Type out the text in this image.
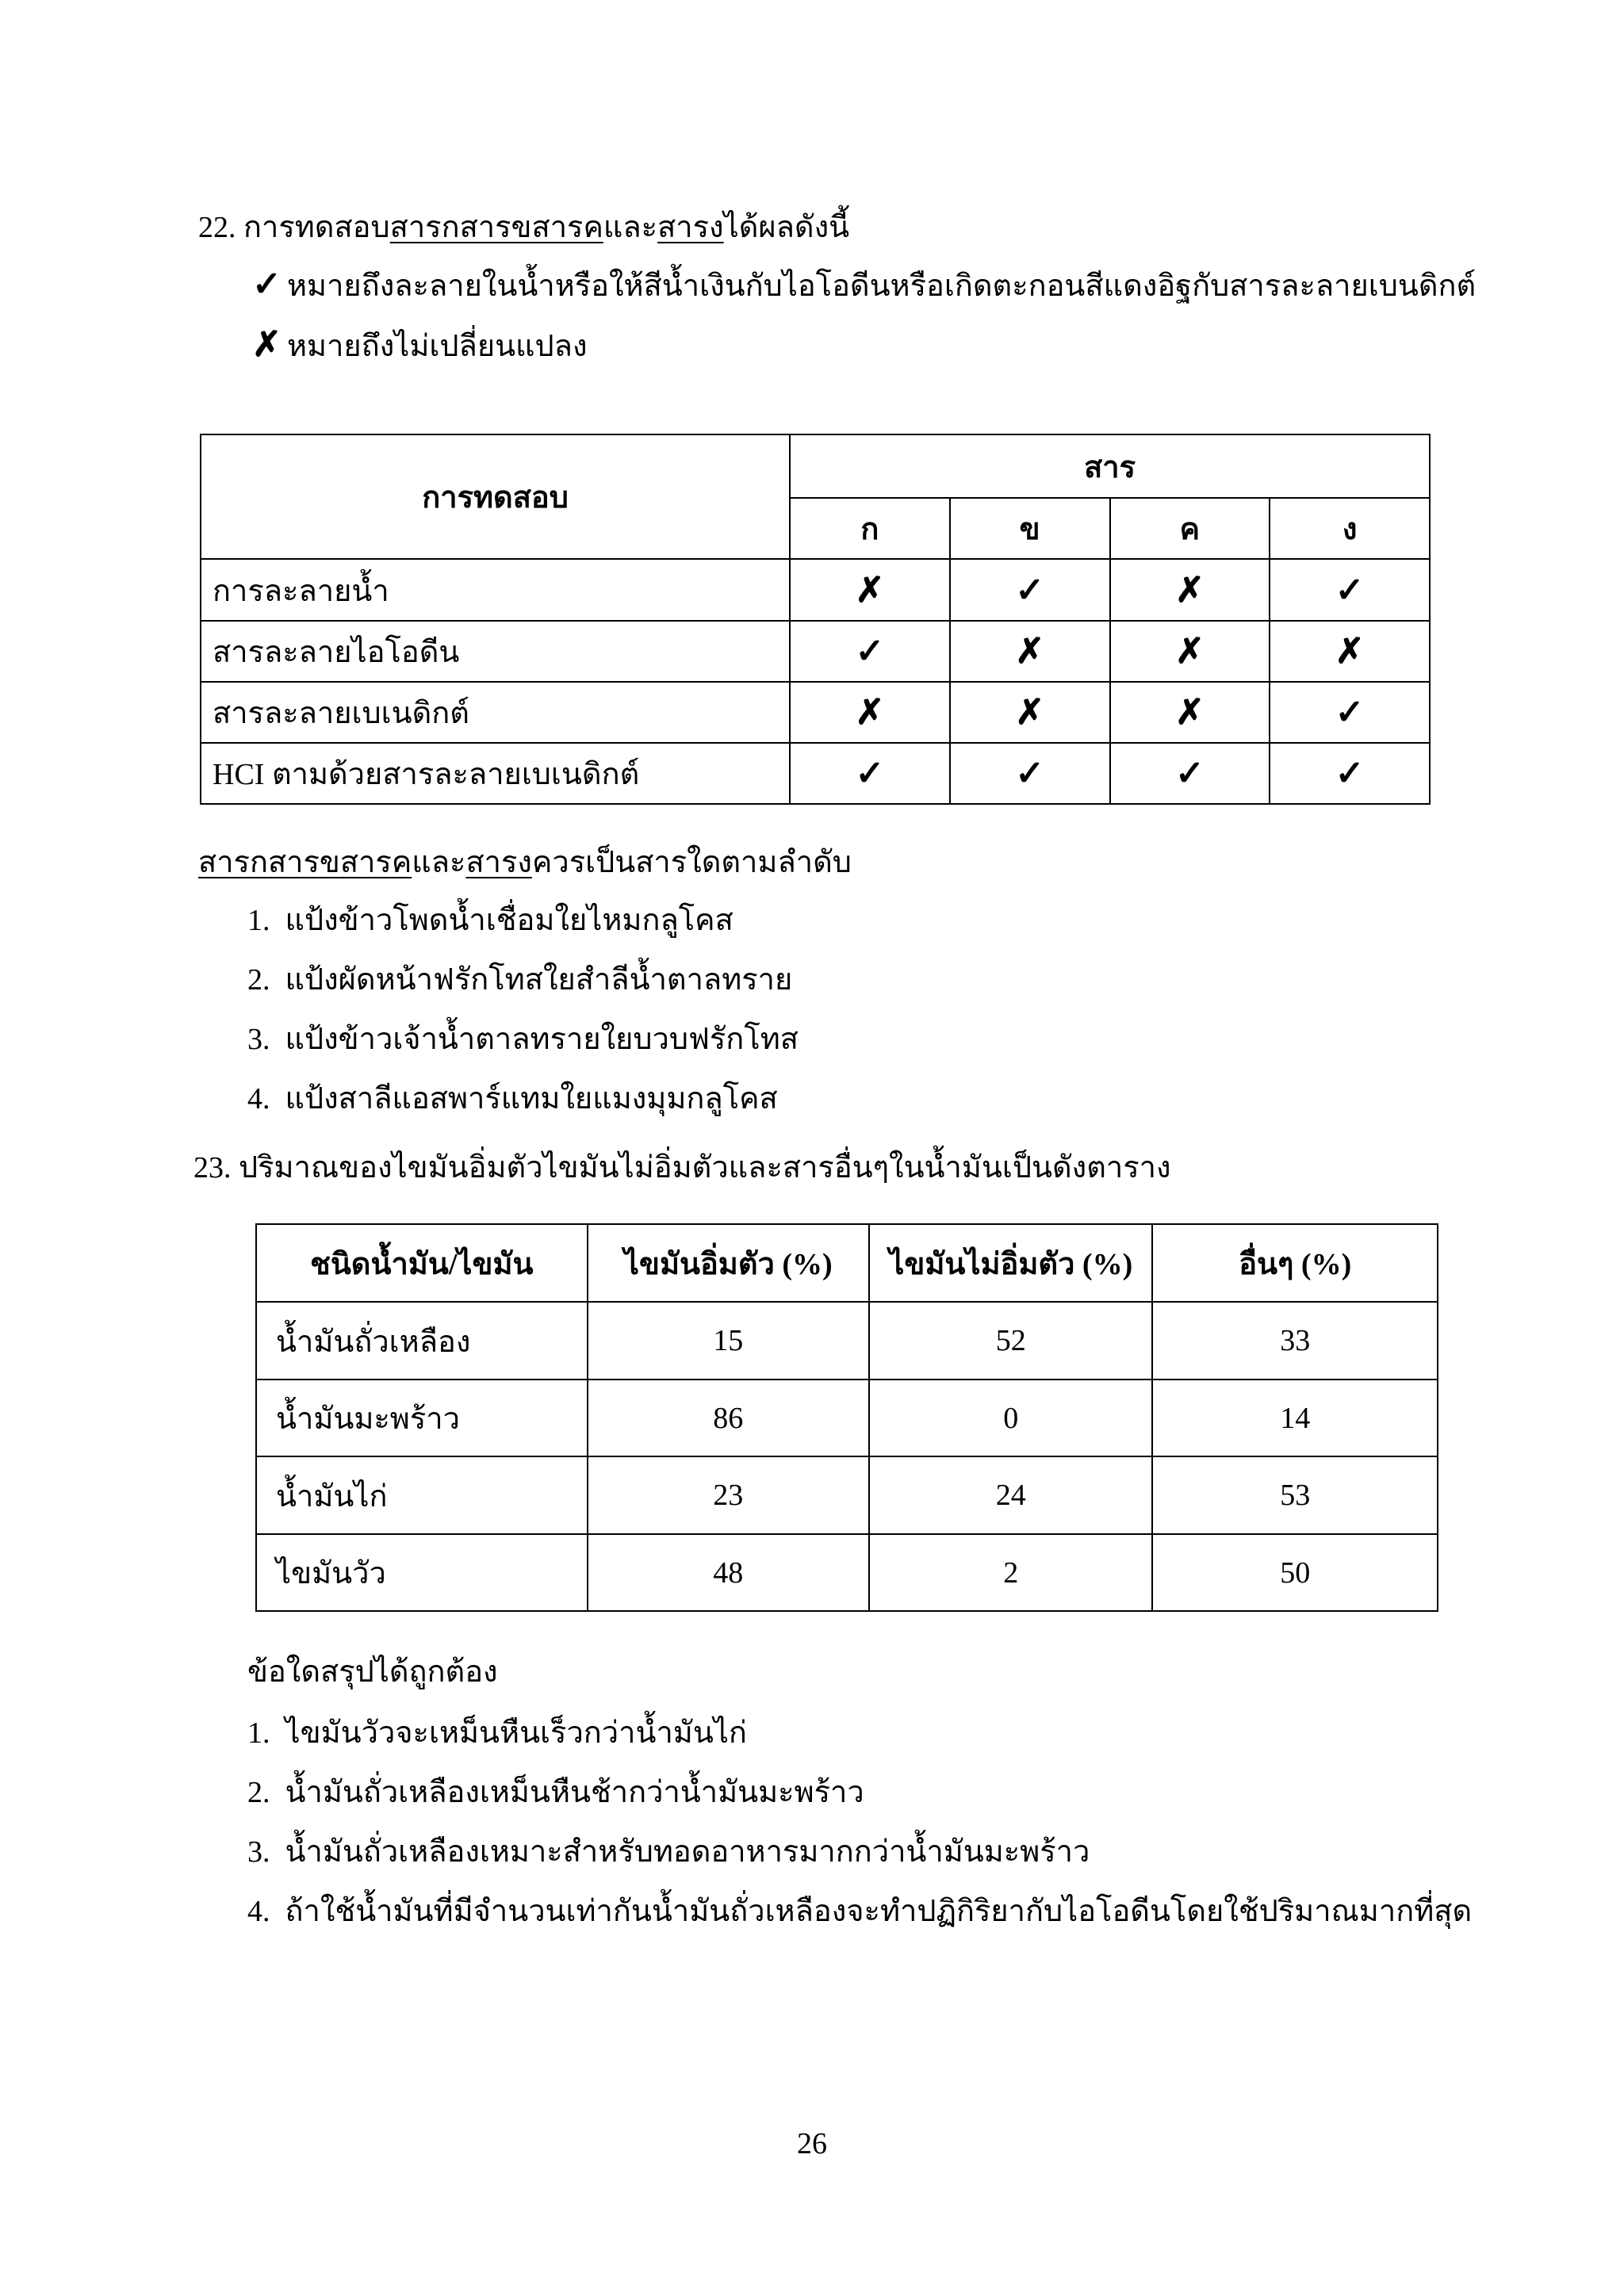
22. การทดสอบสารกสารขสารคและสารงได้ผลดังนี้
✓ หมายถึงละลายในน้ำหรือให้สีน้ำเงินกับไอโอดีนหรือเกิดตะกอนสีแดงอิฐกับสารละลายเบนดิกต์
✗ หมายถึงไม่เปลี่ยนแปลง
การทดสอบ	สาร			
	ก	ข	ค	ง
การละลายน้ำ	✗	✓	✗	✓
สารละลายไอโอดีน	✓	✗	✗	✗
สารละลายเบเนดิกต์	✗	✗	✗	✓
HCI ตามด้วยสารละลายเบเนดิกต์	✓	✓	✓	✓
สารกสารขสารคและสารงควรเป็นสารใดตามลำดับ
1. แป้งข้าวโพดน้ำเชื่อมใยไหมกลูโคส
2. แป้งผัดหน้าฟรักโทสใยสำลีน้ำตาลทราย
3. แป้งข้าวเจ้าน้ำตาลทรายใยบวบฟรักโทส
4. แป้งสาลีแอสพาร์แทมใยแมงมุมกลูโคส
23. ปริมาณของไขมันอิ่มตัวไขมันไม่อิ่มตัวและสารอื่นๆในน้ำมันเป็นดังตาราง
ชนิดน้ำมัน/ไขมัน	ไขมันอิ่มตัว (%)	ไขมันไม่อิ่มตัว (%)	อื่นๆ (%)
น้ำมันถั่วเหลือง	15	52	33
น้ำมันมะพร้าว	86	0	14
น้ำมันไก่	23	24	53
ไขมันวัว	48	2	50
ข้อใดสรุปได้ถูกต้อง
1. ไขมันวัวจะเหม็นหืนเร็วกว่าน้ำมันไก่
2. น้ำมันถั่วเหลืองเหม็นหืนช้ากว่าน้ำมันมะพร้าว
3. น้ำมันถั่วเหลืองเหมาะสำหรับทอดอาหารมากกว่าน้ำมันมะพร้าว
4. ถ้าใช้น้ำมันที่มีจำนวนเท่ากันน้ำมันถั่วเหลืองจะทำปฏิกิริยากับไอโอดีนโดยใช้ปริมาณมากที่สุด
26
